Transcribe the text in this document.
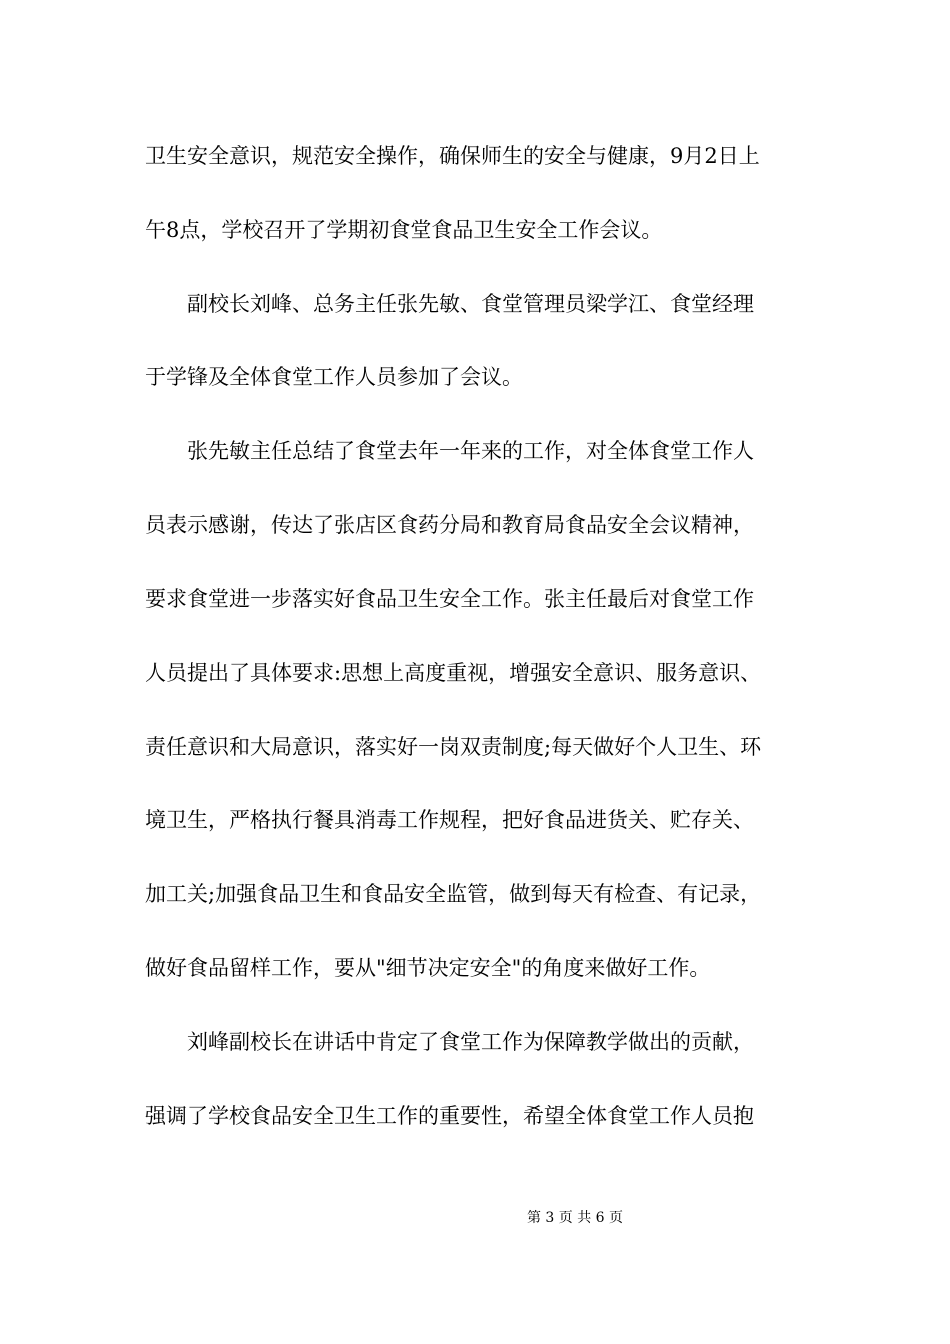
卫生安全意识，规范安全操作，确保师生的安全与健康，9月2日上
午8点，学校召开了学期初食堂食品卫生安全工作会议。
副校长刘峰、总务主任张先敏、食堂管理员梁学江、食堂经理
于学锋及全体食堂工作人员参加了会议。
张先敏主任总结了食堂去年一年来的工作，对全体食堂工作人
员表示感谢，传达了张店区食药分局和教育局食品安全会议精神，
要求食堂进一步落实好食品卫生安全工作。张主任最后对食堂工作
人员提出了具体要求:思想上高度重视，增强安全意识、服务意识、
责任意识和大局意识，落实好一岗双责制度;每天做好个人卫生、环
境卫生，严格执行餐具消毒工作规程，把好食品进货关、贮存关、
加工关;加强食品卫生和食品安全监管，做到每天有检查、有记录，
做好食品留样工作，要从"细节决定安全"的角度来做好工作。
刘峰副校长在讲话中肯定了食堂工作为保障教学做出的贡献，
强调了学校食品安全卫生工作的重要性，希望全体食堂工作人员抱
第 3 页 共 6 页
